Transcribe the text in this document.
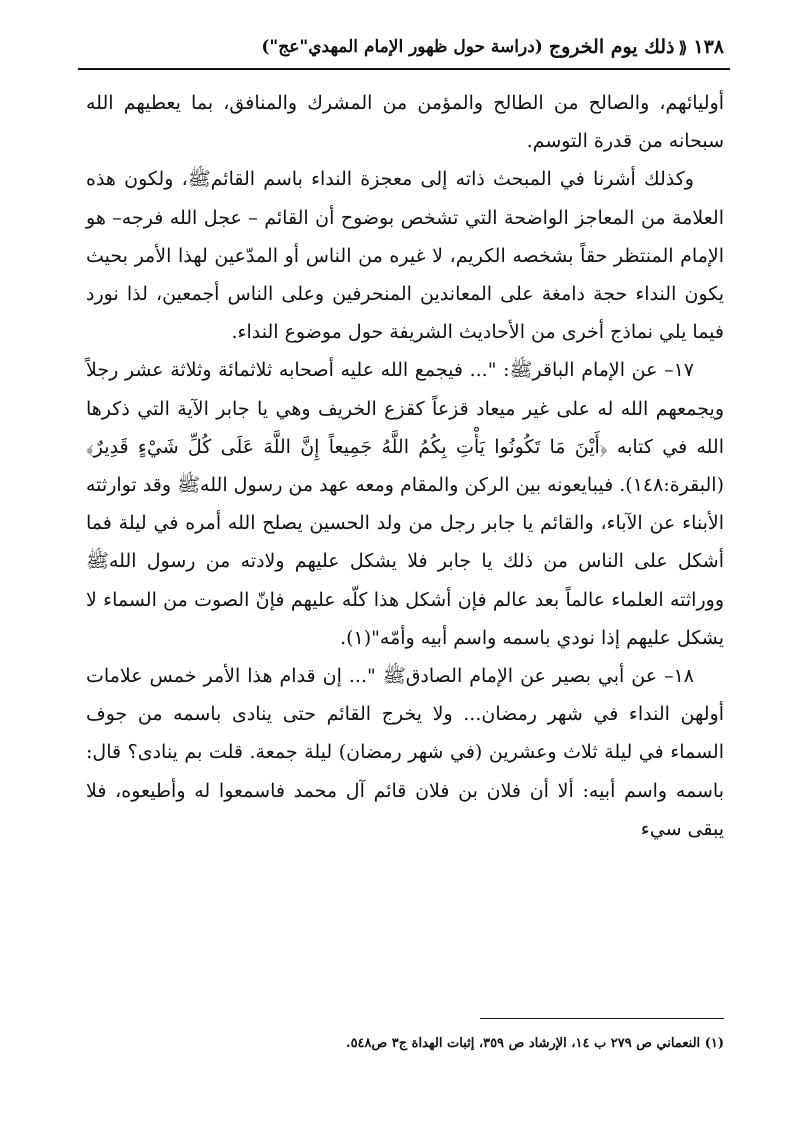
١٣٨
⟪
ذلك يوم الخروج
(دراسة حول ظهور الإمام المهدي"عج")

أوليائهم، والصالح من الطالح والمؤمن من المشرك والمنافق، بما يعطيهم الله سبحانه من قدرة التوسم.

وكذلك أشرنا في المبحث ذاته إلى معجزة النداء باسم القائمﷺ، ولكون هذه العلامة من المعاجز الواضحة التي تشخص بوضوح أن القائم – عجل الله فرجه– هو الإمام المنتظر حقاً بشخصه الكريم، لا غيره من الناس أو المدّعين لهذا الأمر بحيث يكون النداء حجة دامغة على المعاندين المنحرفين وعلى الناس أجمعين، لذا نورد فيما يلي نماذج أخرى من الأحاديث الشريفة حول موضوع النداء.

١٧– عن الإمام الباقرﷺ: "... فيجمع الله عليه أصحابه ثلاثمائة وثلاثة عشر رجلاً ويجمعهم الله له على غير ميعاد قزعاً كقزع الخريف وهي يا جابر الآية التي ذكرها الله في كتابه ﴿أَيْنَ مَا تَكُونُوا يَأْتِ بِكُمُ اللَّهُ جَمِيعاً إِنَّ اللَّهَ عَلَى كُلِّ شَيْءٍ قَدِيرٌ﴾(البقرة:١٤٨). فيبايعونه بين الركن والمقام ومعه عهد من رسول اللهﷺ وقد توارثته الأبناء عن الآباء، والقائم يا جابر رجل من ولد الحسين يصلح الله أمره في ليلة فما أشكل على الناس من ذلك يا جابر فلا يشكل عليهم ولادته من رسول اللهﷺ ووراثته العلماء عالماً بعد عالم فإن أشكل هذا كلّه عليهم فإنّ الصوت من السماء لا يشكل عليهم إذا نودي باسمه واسم أبيه وأمّه"(١).

١٨– عن أبي بصير عن الإمام الصادقﷺ "... إن قدام هذا الأمر خمس علامات أولهن النداء في شهر رمضان... ولا يخرج القائم حتى ينادى باسمه من جوف السماء في ليلة ثلاث وعشرين (في شهر رمضان) ليلة جمعة. قلت بم ينادى؟ قال: باسمه واسم أبيه: ألا أن فلان بن فلان قائم آل محمد فاسمعوا له وأطيعوه، فلا يبقى سيء

(١) النعماني ص ٢٧٩ ب ١٤، الإرشاد ص ٣٥٩، إثبات الهداة ج٣ ص٥٤٨.
